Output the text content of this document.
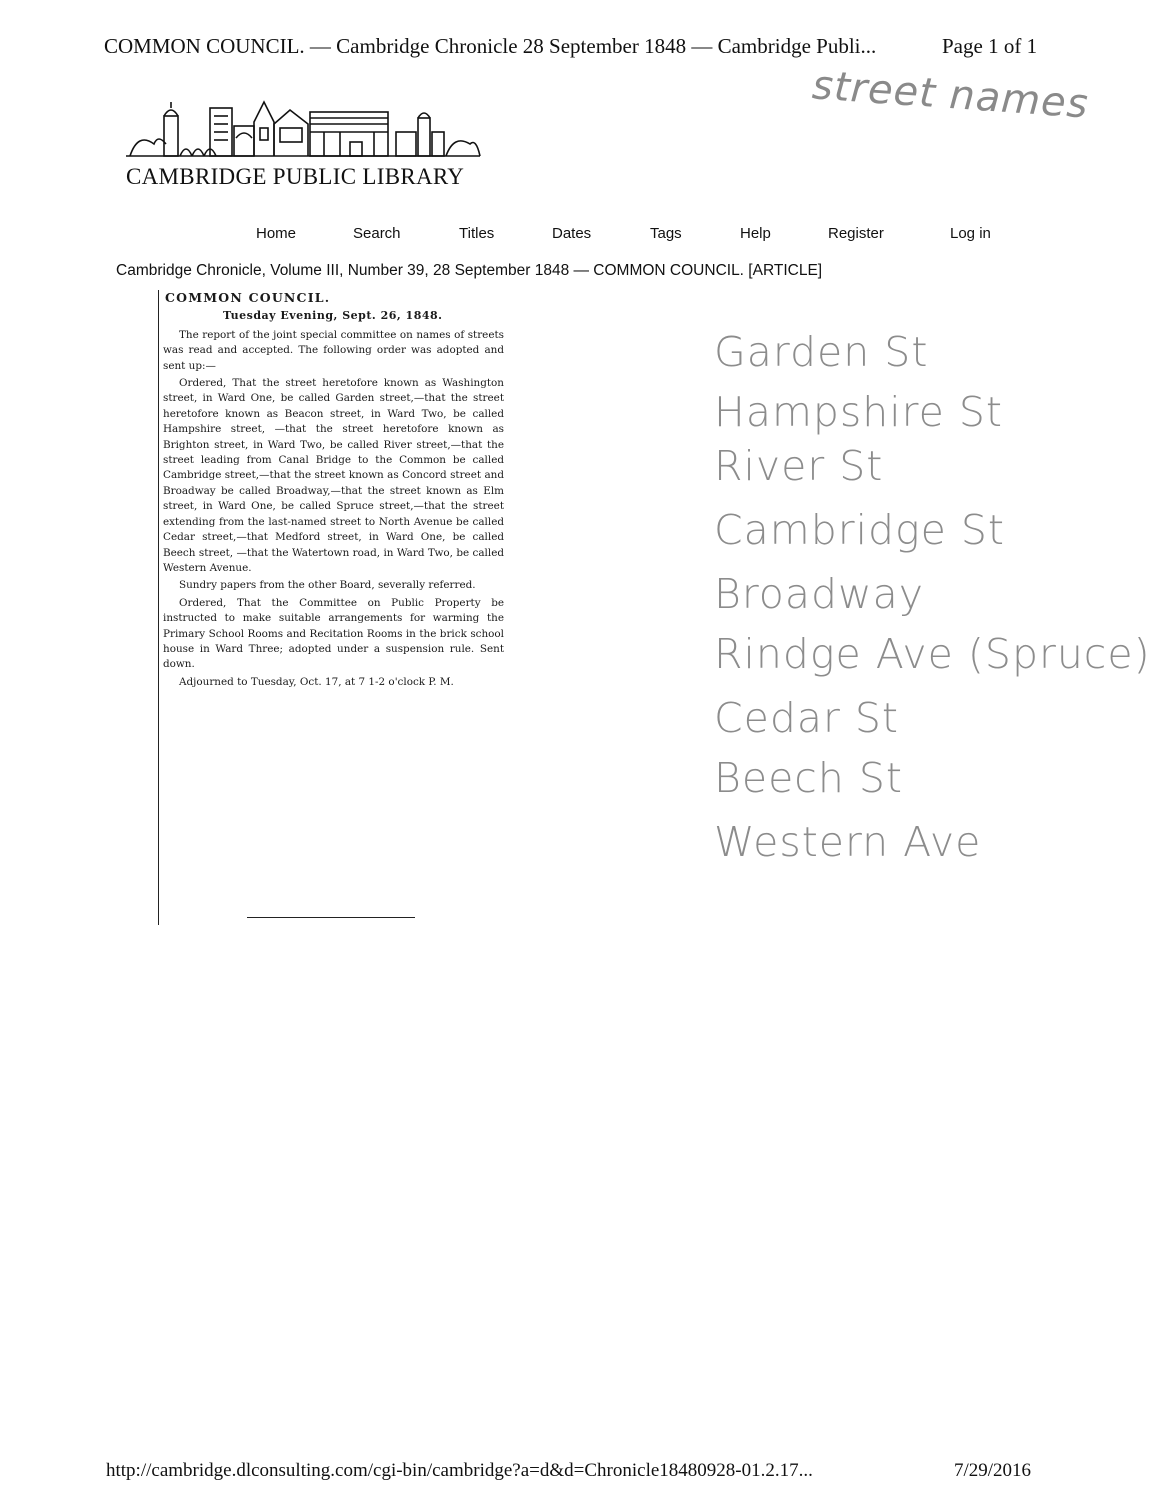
COMMON COUNCIL. — Cambridge Chronicle 28 September 1848 — Cambridge Publi...	Page 1 of 1
street names
CAMBRIDGE PUBLIC LIBRARY
Home	Search	Titles	Dates	Tags	Help	Register	Log in
Cambridge Chronicle, Volume III, Number 39, 28 September 1848 — COMMON COUNCIL. [ARTICLE]
COMMON COUNCIL.
Tuesday Evening, Sept. 26, 1848.

The report of the joint special committee on names of streets was read and accepted. The following order was adopted and sent up:—

Ordered, That the street heretofore known as Washington street, in Ward One, be called Garden street,—that the street heretofore known as Beacon street, in Ward Two, be called Hampshire street, —that the street heretofore known as Brighton street, in Ward Two, be called River street,—that the street leading from Canal Bridge to the Common be called Cambridge street,—that the street known as Concord street and Broadway be called Broadway,—that the street known as Elm street, in Ward One, be called Spruce street,—that the street extending from the last-named street to North Avenue be called Cedar street,—that Medford street, in Ward One, be called Beech street, —that the Watertown road, in Ward Two, be called Western Avenue.

Sundry papers from the other Board, severally referred.

Ordered, That the Committee on Public Property be instructed to make suitable arrangements for warming the Primary School Rooms and Recitation Rooms in the brick school house in Ward Three; adopted under a suspension rule. Sent down.

Adjourned to Tuesday, Oct. 17, at 7 1-2 o'clock P. M.

Garden St
Hampshire St
River St
Cambridge St
Broadway
Rindge Ave (Spruce)
Cedar St
Beech St
Western Ave
http://cambridge.dlconsulting.com/cgi-bin/cambridge?a=d&d=Chronicle18480928-01.2.17...	7/29/2016
